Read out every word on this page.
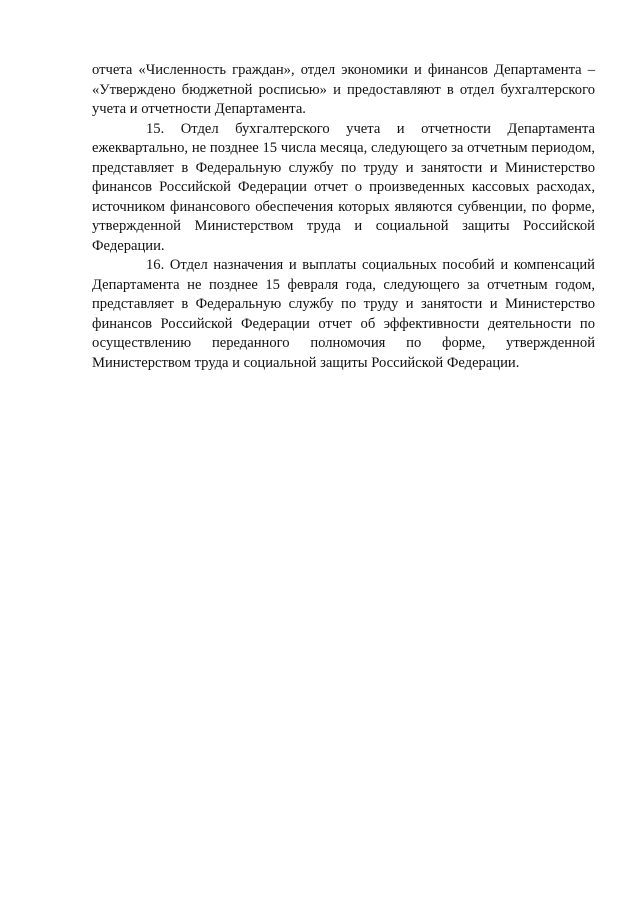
отчета «Численность граждан», отдел экономики и финансов Департамента – «Утверждено бюджетной росписью» и предоставляют в отдел бухгалтерского учета и отчетности Департамента.

15. Отдел бухгалтерского учета и отчетности Департамента ежеквартально, не позднее 15 числа месяца, следующего за отчетным периодом, представляет в Федеральную службу по труду и занятости и Министерство финансов Российской Федерации отчет о произведенных кассовых расходах, источником финансового обеспечения которых являются субвенции, по форме, утвержденной Министерством труда и социальной защиты Российской Федерации.

16. Отдел назначения и выплаты социальных пособий и компенсаций Департамента не позднее 15 февраля года, следующего за отчетным годом, представляет в Федеральную службу по труду и занятости и Министерство финансов Российской Федерации отчет об эффективности деятельности по осуществлению переданного полномочия по форме, утвержденной Министерством труда и социальной защиты Российской Федерации.
